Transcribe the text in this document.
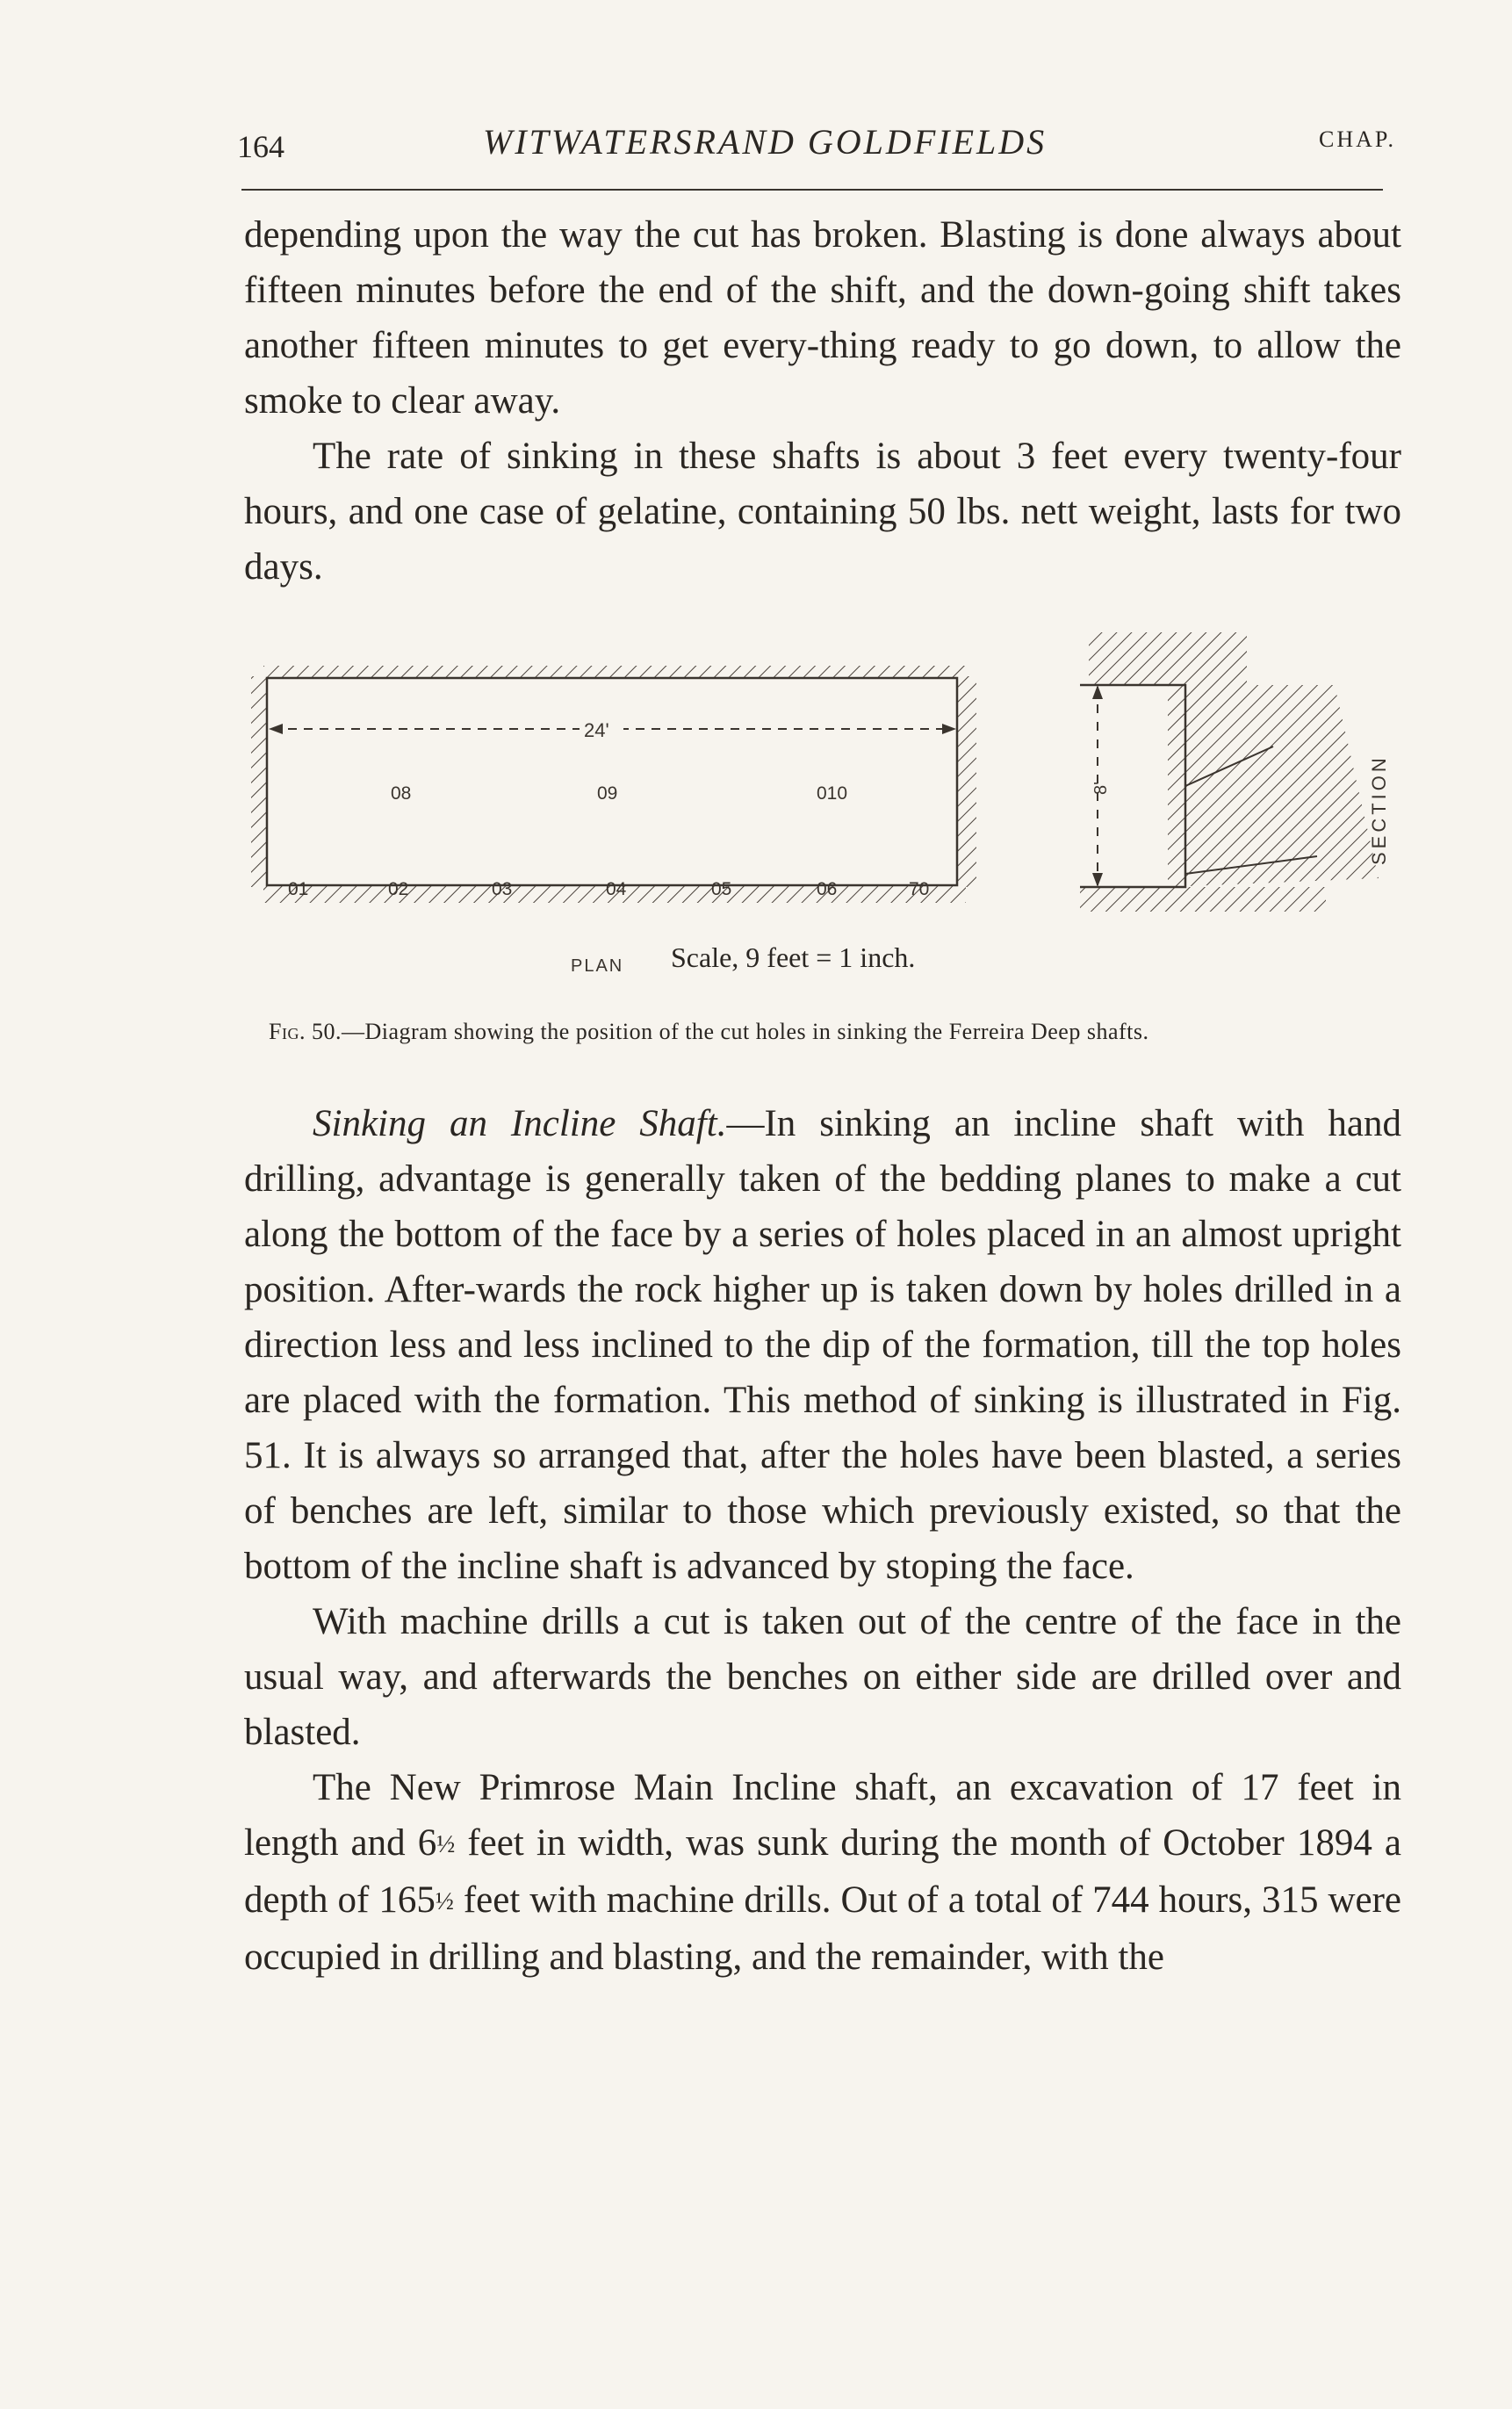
164	WITWATERSRAND GOLDFIELDS	CHAP.

depending upon the way the cut has broken. Blasting is done always about fifteen minutes before the end of the shift, and the down-going shift takes another fifteen minutes to get every-thing ready to go down, to allow the smoke to clear away.

The rate of sinking in these shafts is about 3 feet every twenty-four hours, and one case of gelatine, containing 50 lbs. nett weight, lasts for two days.

24'
08	09	010
01	02	03	04	05	06	70
PLAN
8'	SECTION
Scale, 9 feet = 1 inch.
Fig. 50.—Diagram showing the position of the cut holes in sinking the Ferreira Deep shafts.

Sinking an Incline Shaft.—In sinking an incline shaft with hand drilling, advantage is generally taken of the bedding planes to make a cut along the bottom of the face by a series of holes placed in an almost upright position. After-wards the rock higher up is taken down by holes drilled in a direction less and less inclined to the dip of the formation, till the top holes are placed with the formation. This method of sinking is illustrated in Fig. 51. It is always so arranged that, after the holes have been blasted, a series of benches are left, similar to those which previously existed, so that the bottom of the incline shaft is advanced by stoping the face.

With machine drills a cut is taken out of the centre of the face in the usual way, and afterwards the benches on either side are drilled over and blasted.

The New Primrose Main Incline shaft, an excavation of 17 feet in length and 6½ feet in width, was sunk during the month of October 1894 a depth of 165½ feet with machine drills. Out of a total of 744 hours, 315 were occupied in drilling and blasting, and the remainder, with the
